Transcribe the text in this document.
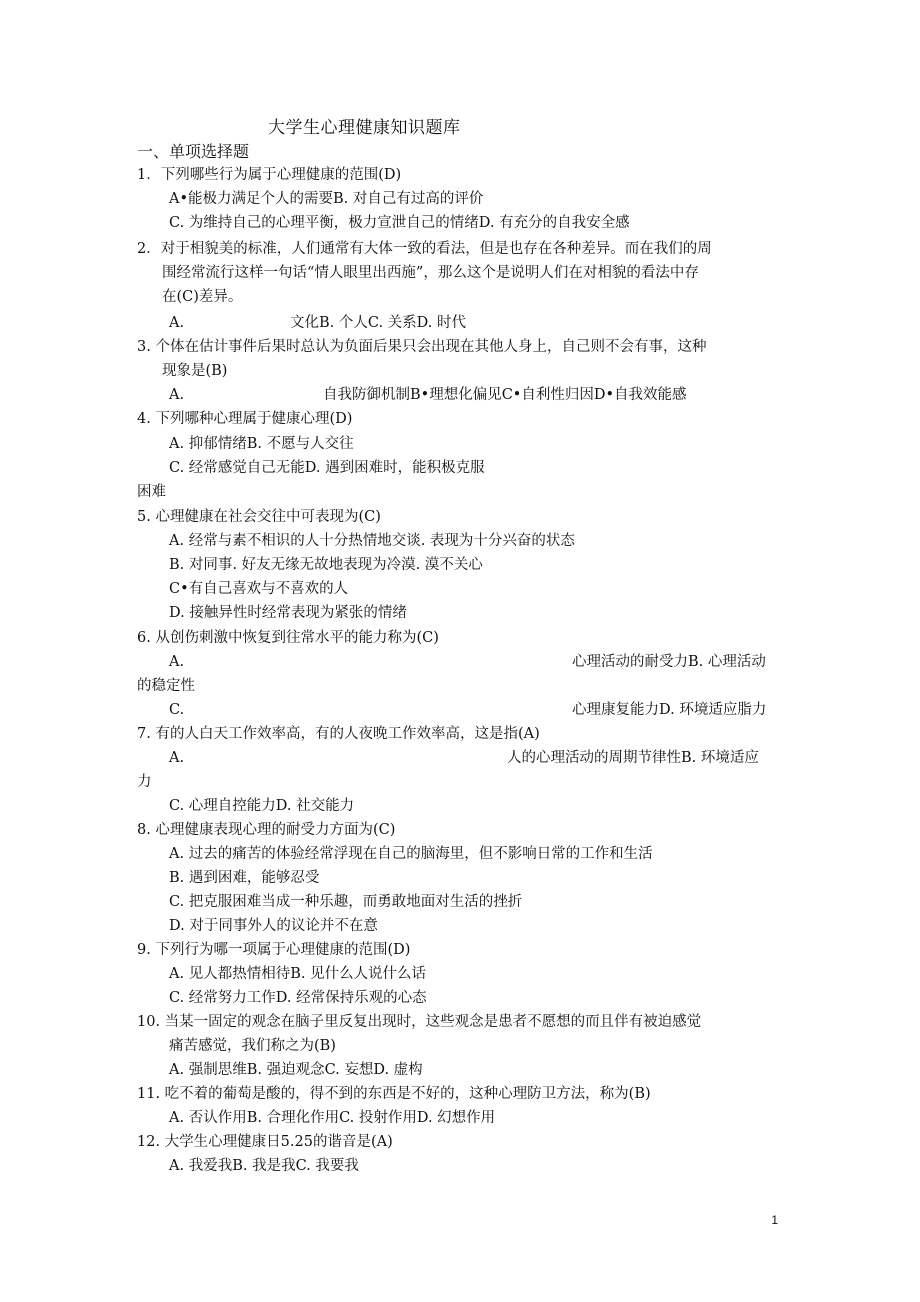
大学生心理健康知识题库
一、单项选择题
1．下列哪些行为属于心理健康的范围(D)
A•能极力满足个人的需要B. 对自己有过高的评价
C. 为维持自己的心理平衡，极力宣泄自己的情绪D. 有充分的自我安全感
2．对于相貌美的标准，人们通常有大体一致的看法，但是也存在各种差异。而在我们的周
围经常流行这样一句话“情人眼里出西施”，那么这个是说明人们在对相貌的看法中存
在(C)差异。
A.	文化B. 个人C. 关系D. 时代
3. 个体在估计事件后果时总认为负面后果只会出现在其他人身上，自己则不会有事，这种
现象是(B)
A.	自我防御机制B•理想化偏见C•自利性归因D•自我效能感
4. 下列哪种心理属于健康心理(D)
A. 抑郁情绪B. 不愿与人交往
C. 经常感觉自己无能D. 遇到困难时，能积极克服
困难
5. 心理健康在社会交往中可表现为(C)
A. 经常与素不相识的人十分热情地交谈. 表现为十分兴奋的状态
B. 对同事. 好友无缘无故地表现为冷漠. 漠不关心
C•有自己喜欢与不喜欢的人
D. 接触异性时经常表现为紧张的情绪
6. 从创伤刺激中恢复到往常水平的能力称为(C)
A.	心理活动的耐受力B. 心理活动
的稳定性
C.	心理康复能力D. 环境适应脂力
7. 有的人白天工作效率高，有的人夜晚工作效率高，这是指(A)
A.	人的心理活动的周期节律性B. 环境适应
力
C. 心理自控能力D. 社交能力
8. 心理健康表现心理的耐受力方面为(C)
A. 过去的痛苦的体验经常浮现在自己的脑海里，但不影响日常的工作和生活
B. 遇到困难，能够忍受
C. 把克服困难当成一种乐趣，而勇敢地面对生活的挫折
D. 对于同事外人的议论并不在意
9. 下列行为哪一项属于心理健康的范围(D)
A. 见人都热情相待B. 见什么人说什么话
C. 经常努力工作D. 经常保持乐观的心态
10. 当某一固定的观念在脑子里反复出现时，这些观念是患者不愿想的而且伴有被迫感觉
痛苦感觉，我们称之为(B)
A. 强制思维B. 强迫观念C. 妄想D. 虚构
11. 吃不着的葡萄是酸的，得不到的东西是不好的，这种心理防卫方法，称为(B)
A. 否认作用B. 合理化作用C. 投射作用D. 幻想作用
12. 大学生心理健康日5.25的谐音是(A)
A. 我爱我B. 我是我C. 我要我
1
